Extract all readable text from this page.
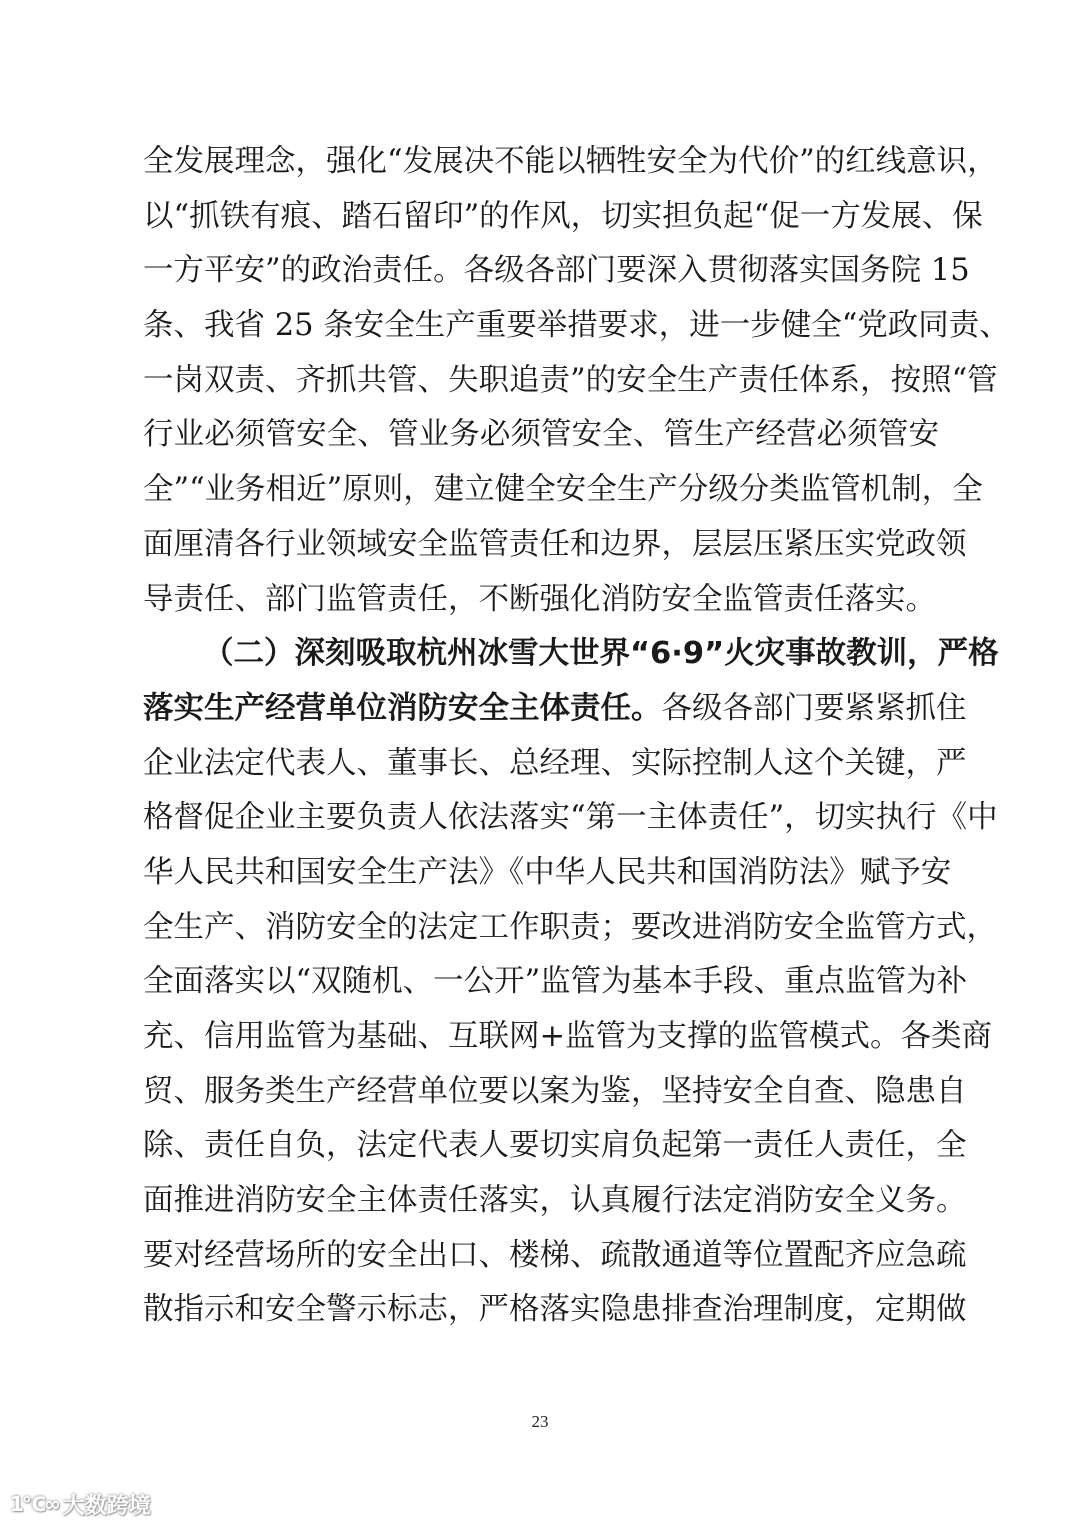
全发展理念，强化“发展决不能以牺牲安全为代价”的红线意识，
以“抓铁有痕、踏石留印”的作风，切实担负起“促一方发展、保
一方平安”的政治责任。各级各部门要深入贯彻落实国务院 15
条、我省 25 条安全生产重要举措要求，进一步健全“党政同责、
一岗双责、齐抓共管、失职追责”的安全生产责任体系，按照“管
行业必须管安全、管业务必须管安全、管生产经营必须管安
全”“业务相近”原则，建立健全安全生产分级分类监管机制，全
面厘清各行业领域安全监管责任和边界，层层压紧压实党政领
导责任、部门监管责任，不断强化消防安全监管责任落实。
（二）深刻吸取杭州冰雪大世界“6·9”火灾事故教训，严格
落实生产经营单位消防安全主体责任。各级各部门要紧紧抓住
企业法定代表人、董事长、总经理、实际控制人这个关键，严
格督促企业主要负责人依法落实“第一主体责任”，切实执行《中
华人民共和国安全生产法》《中华人民共和国消防法》赋予安
全生产、消防安全的法定工作职责；要改进消防安全监管方式，
全面落实以“双随机、一公开”监管为基本手段、重点监管为补
充、信用监管为基础、互联网+监管为支撑的监管模式。各类商
贸、服务类生产经营单位要以案为鉴，坚持安全自查、隐患自
除、责任自负，法定代表人要切实肩负起第一责任人责任，全
面推进消防安全主体责任落实，认真履行法定消防安全义务。
要对经营场所的安全出口、楼梯、疏散通道等位置配齐应急疏
散指示和安全警示标志，严格落实隐患排查治理制度，定期做
23
1℃∞ 大数跨境
